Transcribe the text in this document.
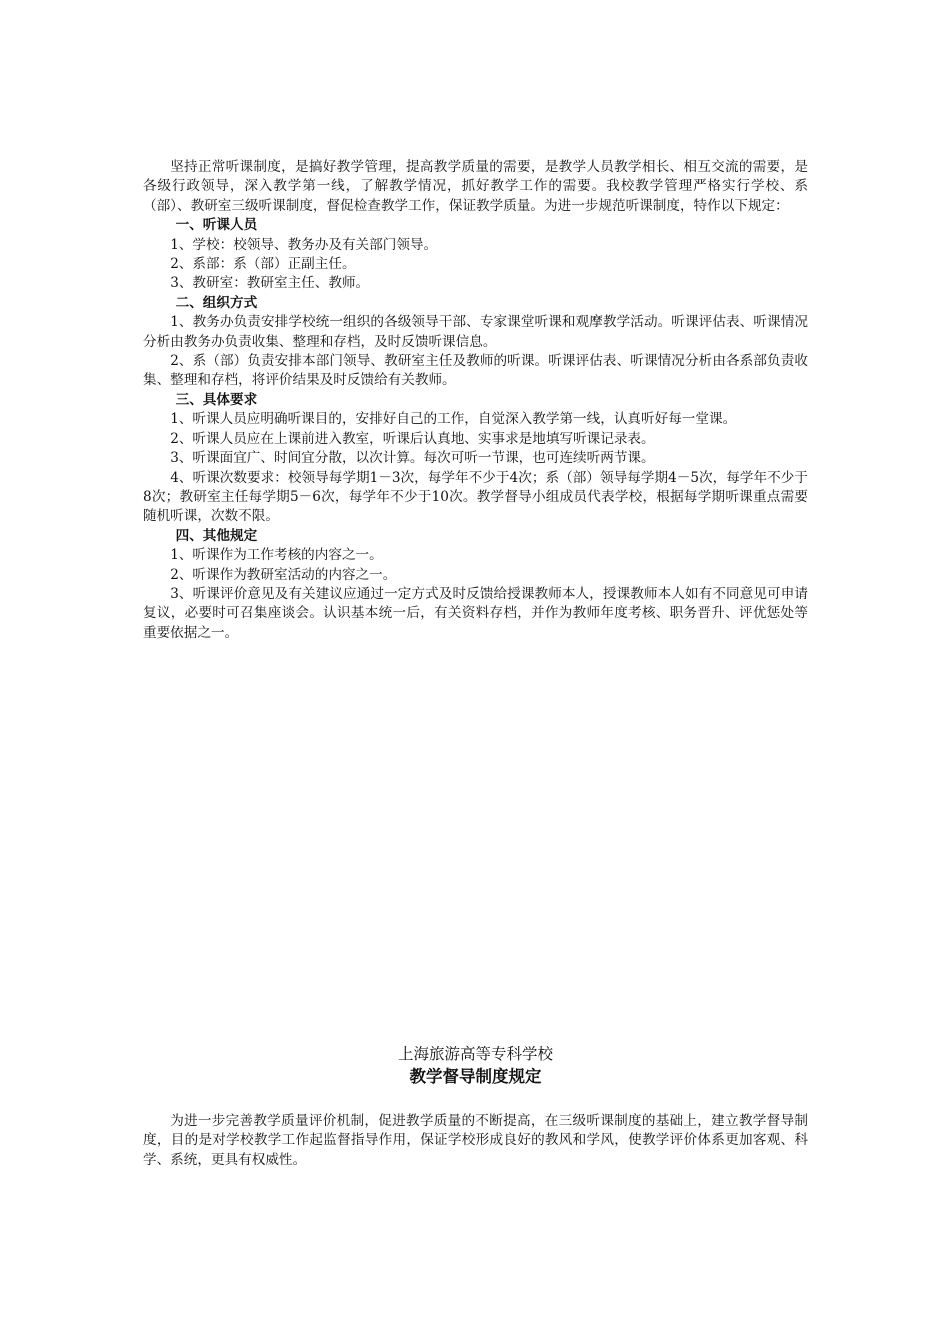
坚持正常听课制度，是搞好教学管理，提高教学质量的需要，是教学人员教学相长、相互交流的需要，是各级行政领导，深入教学第一线，了解教学情况，抓好教学工作的需要。我校教学管理严格实行学校、系（部）、教研室三级听课制度，督促检查教学工作，保证教学质量。为进一步规范听课制度，特作以下规定：

一、听课人员

1、学校：校领导、教务办及有关部门领导。

2、系部：系（部）正副主任。

3、教研室：教研室主任、教师。

二、组织方式

1、教务办负责安排学校统一组织的各级领导干部、专家课堂听课和观摩教学活动。听课评估表、听课情况分析由教务办负责收集、整理和存档，及时反馈听课信息。

2、系（部）负责安排本部门领导、教研室主任及教师的听课。听课评估表、听课情况分析由各系部负责收集、整理和存档，将评价结果及时反馈给有关教师。

三、具体要求

1、听课人员应明确听课目的，安排好自己的工作，自觉深入教学第一线，认真听好每一堂课。

2、听课人员应在上课前进入教室，听课后认真地、实事求是地填写听课记录表。

3、听课面宜广、时间宜分散，以次计算。每次可听一节课，也可连续听两节课。

4、听课次数要求：校领导每学期1－3次，每学年不少于4次；系（部）领导每学期4－5次，每学年不少于8次；教研室主任每学期5－6次，每学年不少于10次。教学督导小组成员代表学校，根据每学期听课重点需要随机听课，次数不限。

四、其他规定

1、听课作为工作考核的内容之一。

2、听课作为教研室活动的内容之一。

3、听课评价意见及有关建议应通过一定方式及时反馈给授课教师本人，授课教师本人如有不同意见可申请复议，必要时可召集座谈会。认识基本统一后，有关资料存档，并作为教师年度考核、职务晋升、评优惩处等重要依据之一。

上海旅游高等专科学校

教学督导制度规定

为进一步完善教学质量评价机制，促进教学质量的不断提高，在三级听课制度的基础上，建立教学督导制度，目的是对学校教学工作起监督指导作用，保证学校形成良好的教风和学风，使教学评价体系更加客观、科学、系统，更具有权威性。
